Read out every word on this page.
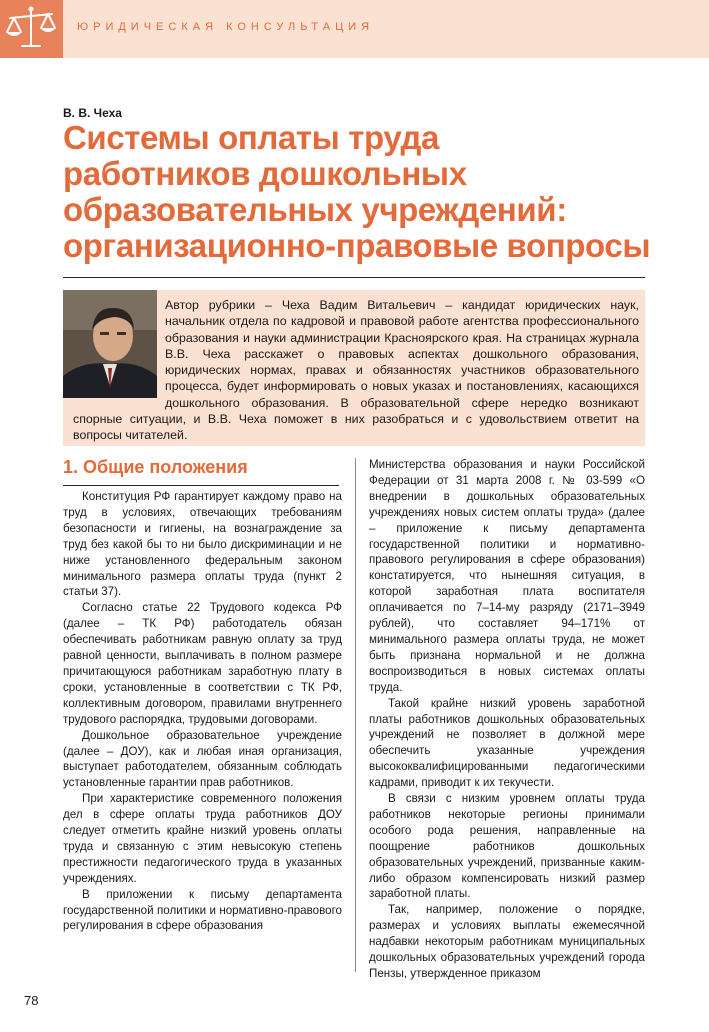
ЮРИДИЧЕСКАЯ КОНСУЛЬТАЦИЯ
В. В. Чеха
Системы оплаты труда
работников дошкольных
образовательных учреждений:
организационно-правовые вопросы

Автор рубрики – Чеха Вадим Витальевич – кандидат юридических наук, начальник отдела по кадровой и правовой работе агентства профессионального образования и науки администрации Красноярского края. На страницах журнала В.В. Чеха расскажет о правовых аспектах дошкольного образования, юридических нормах, правах и обязанностях участников образовательного процесса, будет информировать о новых указах и постановлениях, касающихся дошкольного образования. В образовательной сфере нередко возникают спорные ситуации, и В.В. Чеха поможет в них разобраться и с удовольствием ответит на вопросы читателей.

1. Общие положения

Конституция РФ гарантирует каждому право на труд в условиях, отвечающих требованиям безопасности и гигиены, на вознаграждение за труд без какой бы то ни было дискриминации и не ниже установленного федеральным законом минимального размера оплаты труда (пункт 2 статьи 37).

Согласно статье 22 Трудового кодекса РФ (далее – ТК РФ) работодатель обязан обеспечивать работникам равную оплату за труд равной ценности, выплачивать в полном размере причитающуюся работникам заработную плату в сроки, установленные в соответствии с ТК РФ, коллективным договором, правилами внутреннего трудового распорядка, трудовыми договорами.

Дошкольное образовательное учреждение (далее – ДОУ), как и любая иная организация, выступает работодателем, обязанным соблюдать установленные гарантии прав работников.

При характеристике современного положения дел в сфере оплаты труда работников ДОУ следует отметить крайне низкий уровень оплаты труда и связанную с этим невысокую степень престижности педагогического труда в указанных учреждениях.

В приложении к письму департамента государственной политики и нормативно-правового регулирования в сфере образования

Министерства образования и науки Российской Федерации от 31 марта 2008 г. № 03-599 «О внедрении в дошкольных образовательных учреждениях новых систем оплаты труда» (далее – приложение к письму департамента государственной политики и нормативно-правового регулирования в сфере образования) констатируется, что нынешняя ситуация, в которой заработная плата воспитателя оплачивается по 7–14-му разряду (2171–3949 рублей), что составляет 94–171% от минимального размера оплаты труда, не может быть признана нормальной и не должна воспроизводиться в новых системах оплаты труда.

Такой крайне низкий уровень заработной платы работников дошкольных образовательных учреждений не позволяет в должной мере обеспечить указанные учреждения высококвалифицированными педагогическими кадрами, приводит к их текучести.

В связи с низким уровнем оплаты труда работников некоторые регионы принимали особого рода решения, направленные на поощрение работников дошкольных образовательных учреждений, призванные каким-либо образом компенсировать низкий размер заработной платы.

Так, например, положение о порядке, размерах и условиях выплаты ежемесячной надбавки некоторым работникам муниципальных дошкольных образовательных учреждений города Пензы, утвержденное приказом

78
